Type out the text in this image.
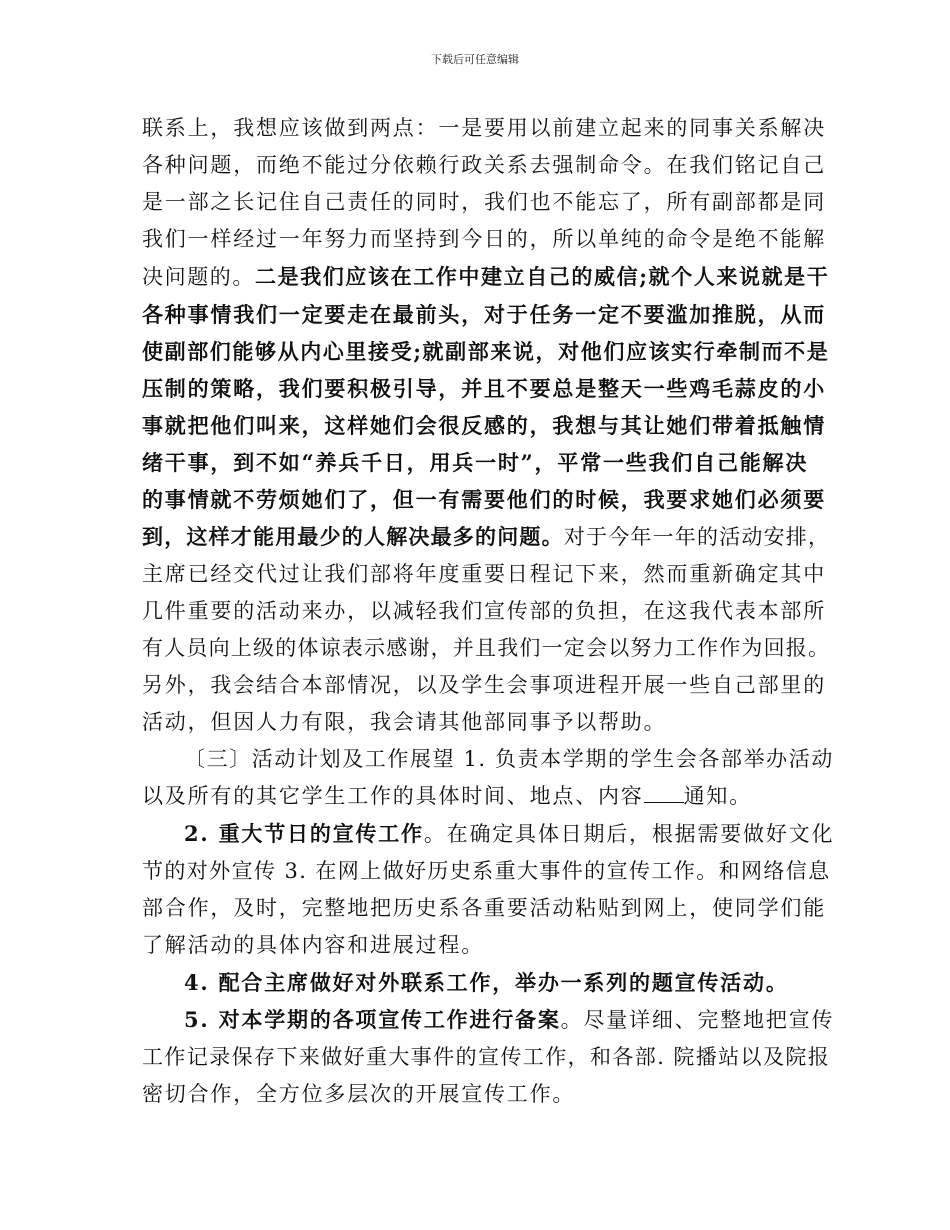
下载后可任意编辑
联系上，我想应该做到两点：一是要用以前建立起来的同事关系解决
各种问题，而绝不能过分依赖行政关系去强制命令。在我们铭记自己
是一部之长记住自己责任的同时，我们也不能忘了，所有副部都是同
我们一样经过一年努力而坚持到今日的，所以单纯的命令是绝不能解
决问题的。二是我们应该在工作中建立自己的威信;就个人来说就是干
各种事情我们一定要走在最前头，对于任务一定不要滥加推脱，从而
使副部们能够从内心里接受;就副部来说，对他们应该实行牵制而不是
压制的策略，我们要积极引导，并且不要总是整天一些鸡毛蒜皮的小
事就把他们叫来，这样她们会很反感的，我想与其让她们带着抵触情
绪干事，到不如“养兵千日，用兵一时”，平常一些我们自己能解决
的事情就不劳烦她们了，但一有需要他们的时候，我要求她们必须要
到，这样才能用最少的人解决最多的问题。对于今年一年的活动安排，
主席已经交代过让我们部将年度重要日程记下来，然而重新确定其中
几件重要的活动来办，以减轻我们宣传部的负担，在这我代表本部所
有人员向上级的体谅表示感谢，并且我们一定会以努力工作作为回报。
另外，我会结合本部情况，以及学生会事项进程开展一些自己部里的
活动，但因人力有限，我会请其他部同事予以帮助。
〔三〕活动计划及工作展望 1. 负责本学期的学生会各部举办活动
以及所有的其它学生工作的具体时间、地点、内容 通知。
2. 重大节日的宣传工作。在确定具体日期后，根据需要做好文化
节的对外宣传 3. 在网上做好历史系重大事件的宣传工作。和网络信息
部合作，及时，完整地把历史系各重要活动粘贴到网上，使同学们能
了解活动的具体内容和进展过程。
4. 配合主席做好对外联系工作，举办一系列的题宣传活动。
5. 对本学期的各项宣传工作进行备案。尽量详细、完整地把宣传
工作记录保存下来做好重大事件的宣传工作，和各部. 院播站以及院报
密切合作，全方位多层次的开展宣传工作。
